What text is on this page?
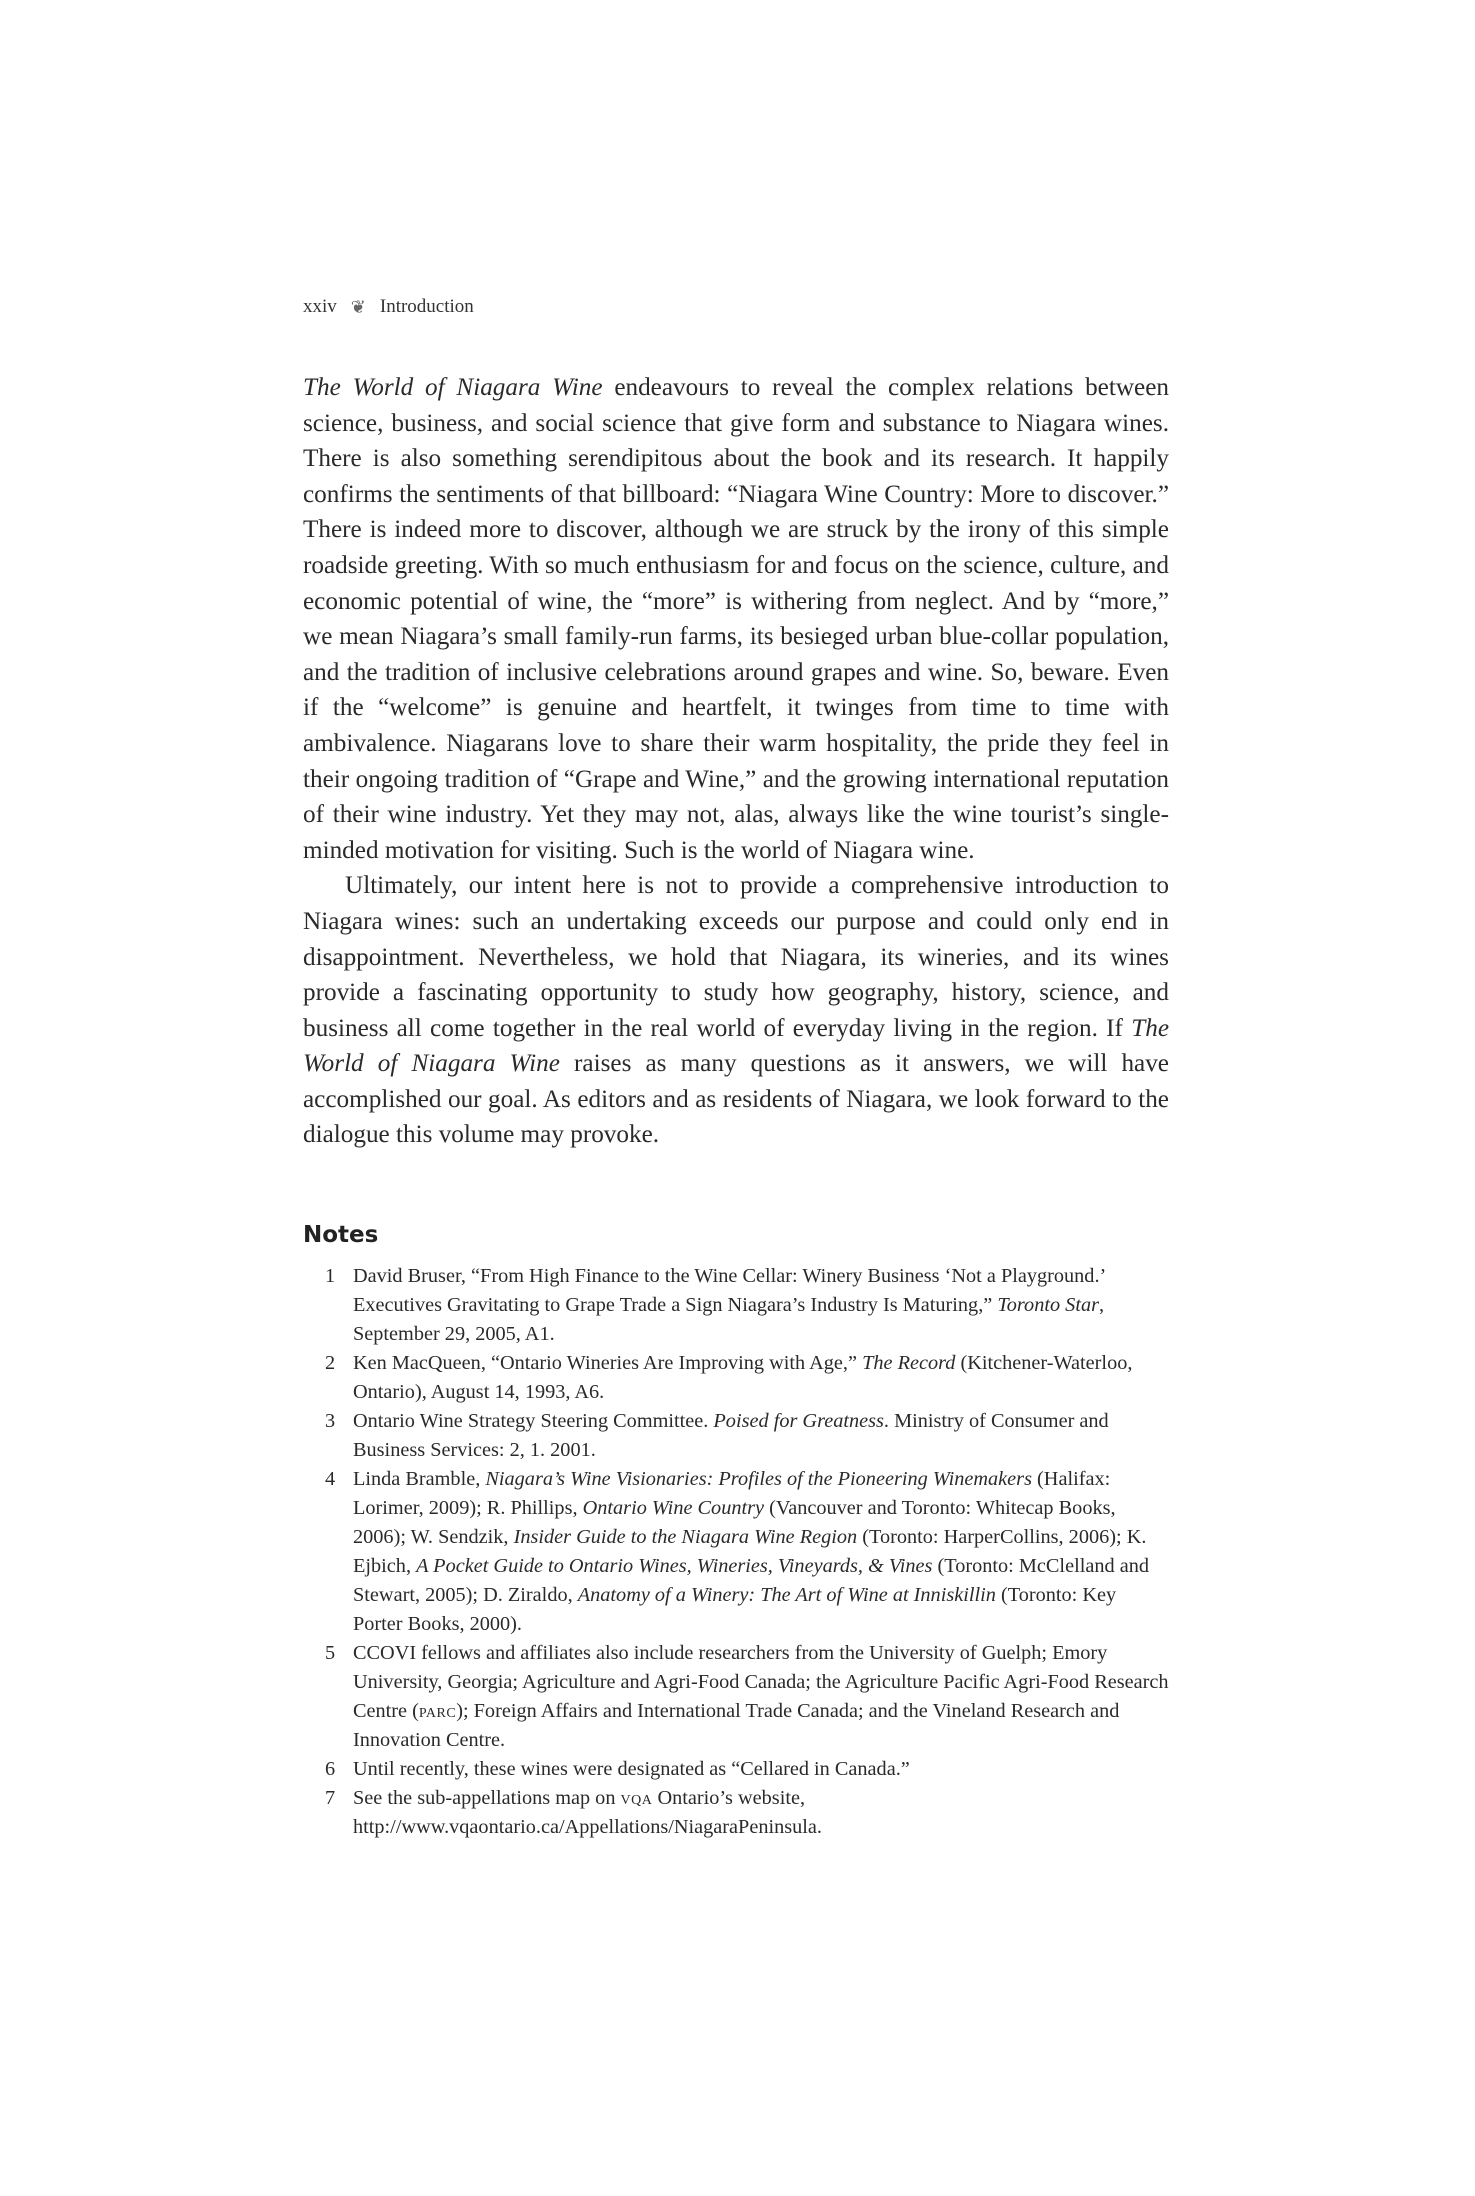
xxiv ❦ Introduction

The World of Niagara Wine endeavours to reveal the complex relations between science, business, and social science that give form and substance to Niagara wines. There is also something serendipitous about the book and its research. It happily confirms the sentiments of that billboard: “Niagara Wine Country: More to discover.” There is indeed more to discover, although we are struck by the irony of this simple roadside greeting. With so much enthusiasm for and focus on the science, culture, and economic potential of wine, the “more” is withering from neglect. And by “more,” we mean Niagara’s small family-run farms, its besieged urban blue-collar population, and the tradition of inclusive celebrations around grapes and wine. So, beware. Even if the “welcome” is genuine and heartfelt, it twinges from time to time with ambivalence. Niagarans love to share their warm hospitality, the pride they feel in their ongoing tradition of “Grape and Wine,” and the growing international reputation of their wine industry. Yet they may not, alas, always like the wine tourist’s single-minded motivation for visiting. Such is the world of Niagara wine.

Ultimately, our intent here is not to provide a comprehensive introduction to Niagara wines: such an undertaking exceeds our purpose and could only end in disappointment. Nevertheless, we hold that Niagara, its wineries, and its wines provide a fascinating opportunity to study how geography, history, science, and business all come together in the real world of everyday living in the region. If The World of Niagara Wine raises as many questions as it answers, we will have accomplished our goal. As editors and as residents of Niagara, we look forward to the dialogue this volume may provoke.

Notes
1 David Bruser, “From High Finance to the Wine Cellar: Winery Business ‘Not a Playground.’ Executives Gravitating to Grape Trade a Sign Niagara’s Industry Is Maturing,” Toronto Star, September 29, 2005, A1.
2 Ken MacQueen, “Ontario Wineries Are Improving with Age,” The Record (Kitchener-Waterloo, Ontario), August 14, 1993, A6.
3 Ontario Wine Strategy Steering Committee. Poised for Greatness. Ministry of Consumer and Business Services: 2, 1. 2001.
4 Linda Bramble, Niagara’s Wine Visionaries: Profiles of the Pioneering Winemakers (Halifax: Lorimer, 2009); R. Phillips, Ontario Wine Country (Vancouver and Toronto: Whitecap Books, 2006); W. Sendzik, Insider Guide to the Niagara Wine Region (Toronto: HarperCollins, 2006); K. Ejbich, A Pocket Guide to Ontario Wines, Wineries, Vineyards, & Vines (Toronto: McClelland and Stewart, 2005); D. Ziraldo, Anatomy of a Winery: The Art of Wine at Inniskillin (Toronto: Key Porter Books, 2000).
5 CCOVI fellows and affiliates also include researchers from the University of Guelph; Emory University, Georgia; Agriculture and Agri-Food Canada; the Agriculture Pacific Agri-Food Research Centre (parc); Foreign Affairs and International Trade Canada; and the Vineland Research and Innovation Centre.
6 Until recently, these wines were designated as “Cellared in Canada.”
7 See the sub-appellations map on vqa Ontario’s website, http://www.vqaontario.ca/Appellations/NiagaraPeninsula.
